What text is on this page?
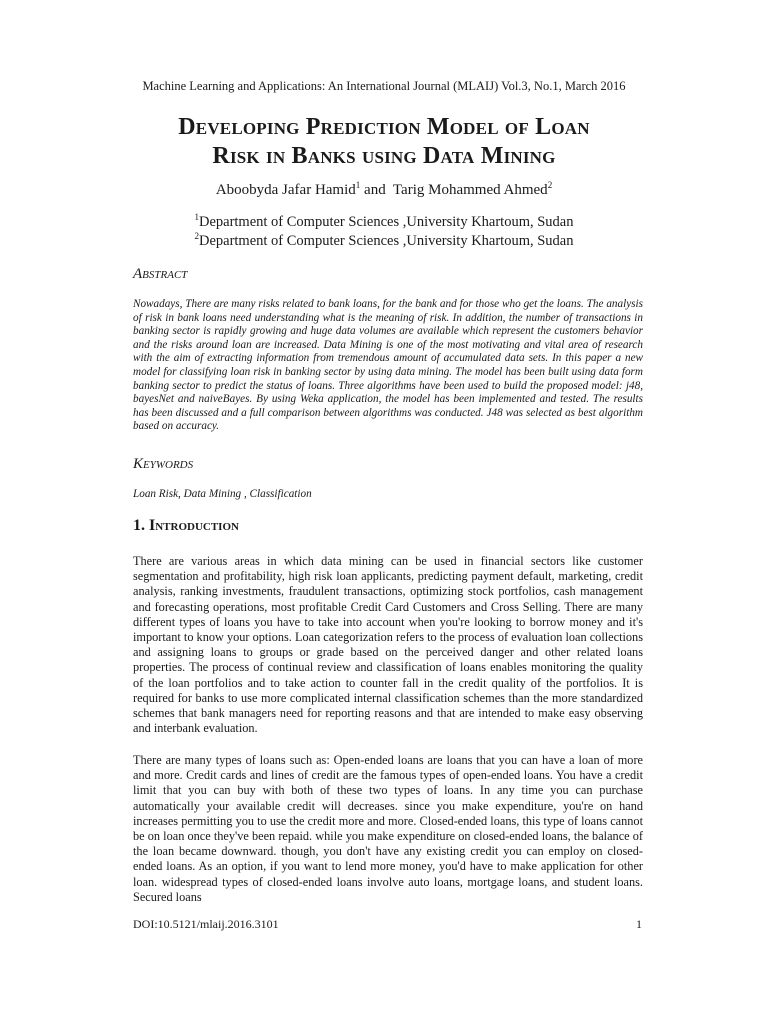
Machine Learning and Applications: An International Journal (MLAIJ) Vol.3, No.1, March 2016
Developing Prediction Model of Loan
Risk in Banks using Data Mining
Aboobyda Jafar Hamid$^1$ and  Tarig Mohammed Ahmed$^2$
$^1$Department of Computer Sciences ,University Khartoum, Sudan
$^2$Department of Computer Sciences ,University Khartoum, Sudan
Abstract

Nowadays, There are many risks related to bank loans, for the bank and for those who get the loans. The analysis of risk in bank loans need understanding what is the meaning of risk. In addition, the number of transactions in banking sector is rapidly growing and huge data volumes are available which represent the customers behavior and the risks around loan are increased. Data Mining is one of the most motivating and vital area of research with the aim of extracting information from tremendous amount of accumulated data sets. In this paper a new model for classifying loan risk in banking sector by using data mining. The model has been built using data form banking sector to predict the status of loans. Three algorithms have been used to build the proposed model: j48, bayesNet and naiveBayes. By using Weka application, the model has been implemented and tested. The results has been discussed and a full comparison between algorithms was conducted. J48 was selected as best algorithm based on accuracy.

Keywords
Loan Risk, Data Mining , Classification
1. Introduction

There are various areas in which data mining can be used in financial sectors like customer segmentation and profitability, high risk loan applicants, predicting payment default, marketing, credit analysis, ranking investments, fraudulent transactions, optimizing stock portfolios, cash management and forecasting operations, most profitable Credit Card Customers and Cross Selling. There are many different types of loans you have to take into account when you're looking to borrow money and it's important to know your options. Loan categorization refers to the process of evaluation loan collections and assigning loans to groups or grade based on the perceived danger and other related loans properties. The process of continual review and classification of loans enables monitoring the quality of the loan portfolios and to take action to counter fall in the credit quality of the portfolios. It is required for banks to use more complicated internal classification schemes than the more standardized schemes that bank managers need for reporting reasons and that are intended to make easy observing and interbank evaluation.

There are many types of loans such as: Open-ended loans are loans that you can have a loan of more and more. Credit cards and lines of credit are the famous types of open-ended loans. You have a credit limit that you can buy with both of these two types of loans. In any time you can purchase automatically your available credit will decreases. since you make expenditure, you're on hand increases permitting you to use the credit more and more. Closed-ended loans, this type of loans cannot be on loan once they've been repaid. while you make expenditure on closed-ended loans, the balance of the loan became downward. though, you don't have any existing credit you can employ on closed-ended loans. As an option, if you want to lend more money, you'd have to make application for other loan. widespread types of closed-ended loans involve auto loans, mortgage loans, and student loans. Secured loans

DOI:10.5121/mlaij.2016.3101	1
